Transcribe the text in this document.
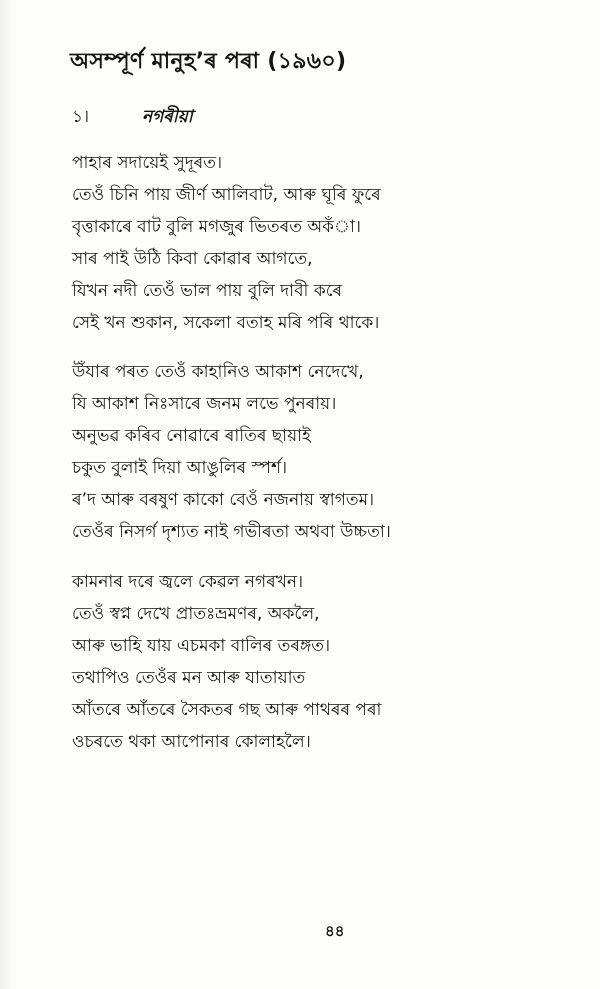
অসম্পূৰ্ণ মানুহ’ৰ পৰা (১৯৬০)
১।	নগৰীয়া
পাহাৰ সদায়েই সুদূৰত।
তেওঁ চিনি পায় জীৰ্ণ আলিবাট, আৰু ঘূৰি ফুৰে
বৃত্তাকাৰে বাট বুলি মগজুৰ ভিতৰত অকঁা।
সাৰ পাই উঠি কিবা কোৱাৰ আগতে,
যিখন নদী তেওঁ ভাল পায় বুলি দাবী কৰে
সেই খন শুকান, সকেলা বতাহ মৰি পৰি থাকে।
উঁযাৰ পৰত তেওঁ কাহানিও আকাশ নেদেখে,
যি আকাশ নিঃসাৰে জনম লভে পুনৰায়।
অনুভৱ কৰিব নোৱাৰে ৰাতিৰ ছায়াই
চকুত বুলাই দিয়া আঙুলিৰ স্পৰ্শ।
ৰ’দ আৰু বৰষুণ কাকো বেওঁ নজনায় স্বাগতম।
তেওঁৰ নিসৰ্গ দৃশ্যত নাই গভীৰতা অথবা উচ্চতা।
কামনাৰ দৰে জ্বলে কেৱল নগৰখন।
তেওঁ স্বপ্ন দেখে প্ৰাতঃভ্ৰমণৰ, অকলৈ,
আৰু ভাহি যায় এচমকা বালিৰ তৰঙ্গত।
তথাপিও তেওঁৰ মন আৰু যাতায়াত
আঁতৰে আঁতৰে সৈকতৰ গছ আৰু পাথৰৰ পৰা
ওচৰতে থকা আপোনাৰ কোলাহলৈ।
৪৪
